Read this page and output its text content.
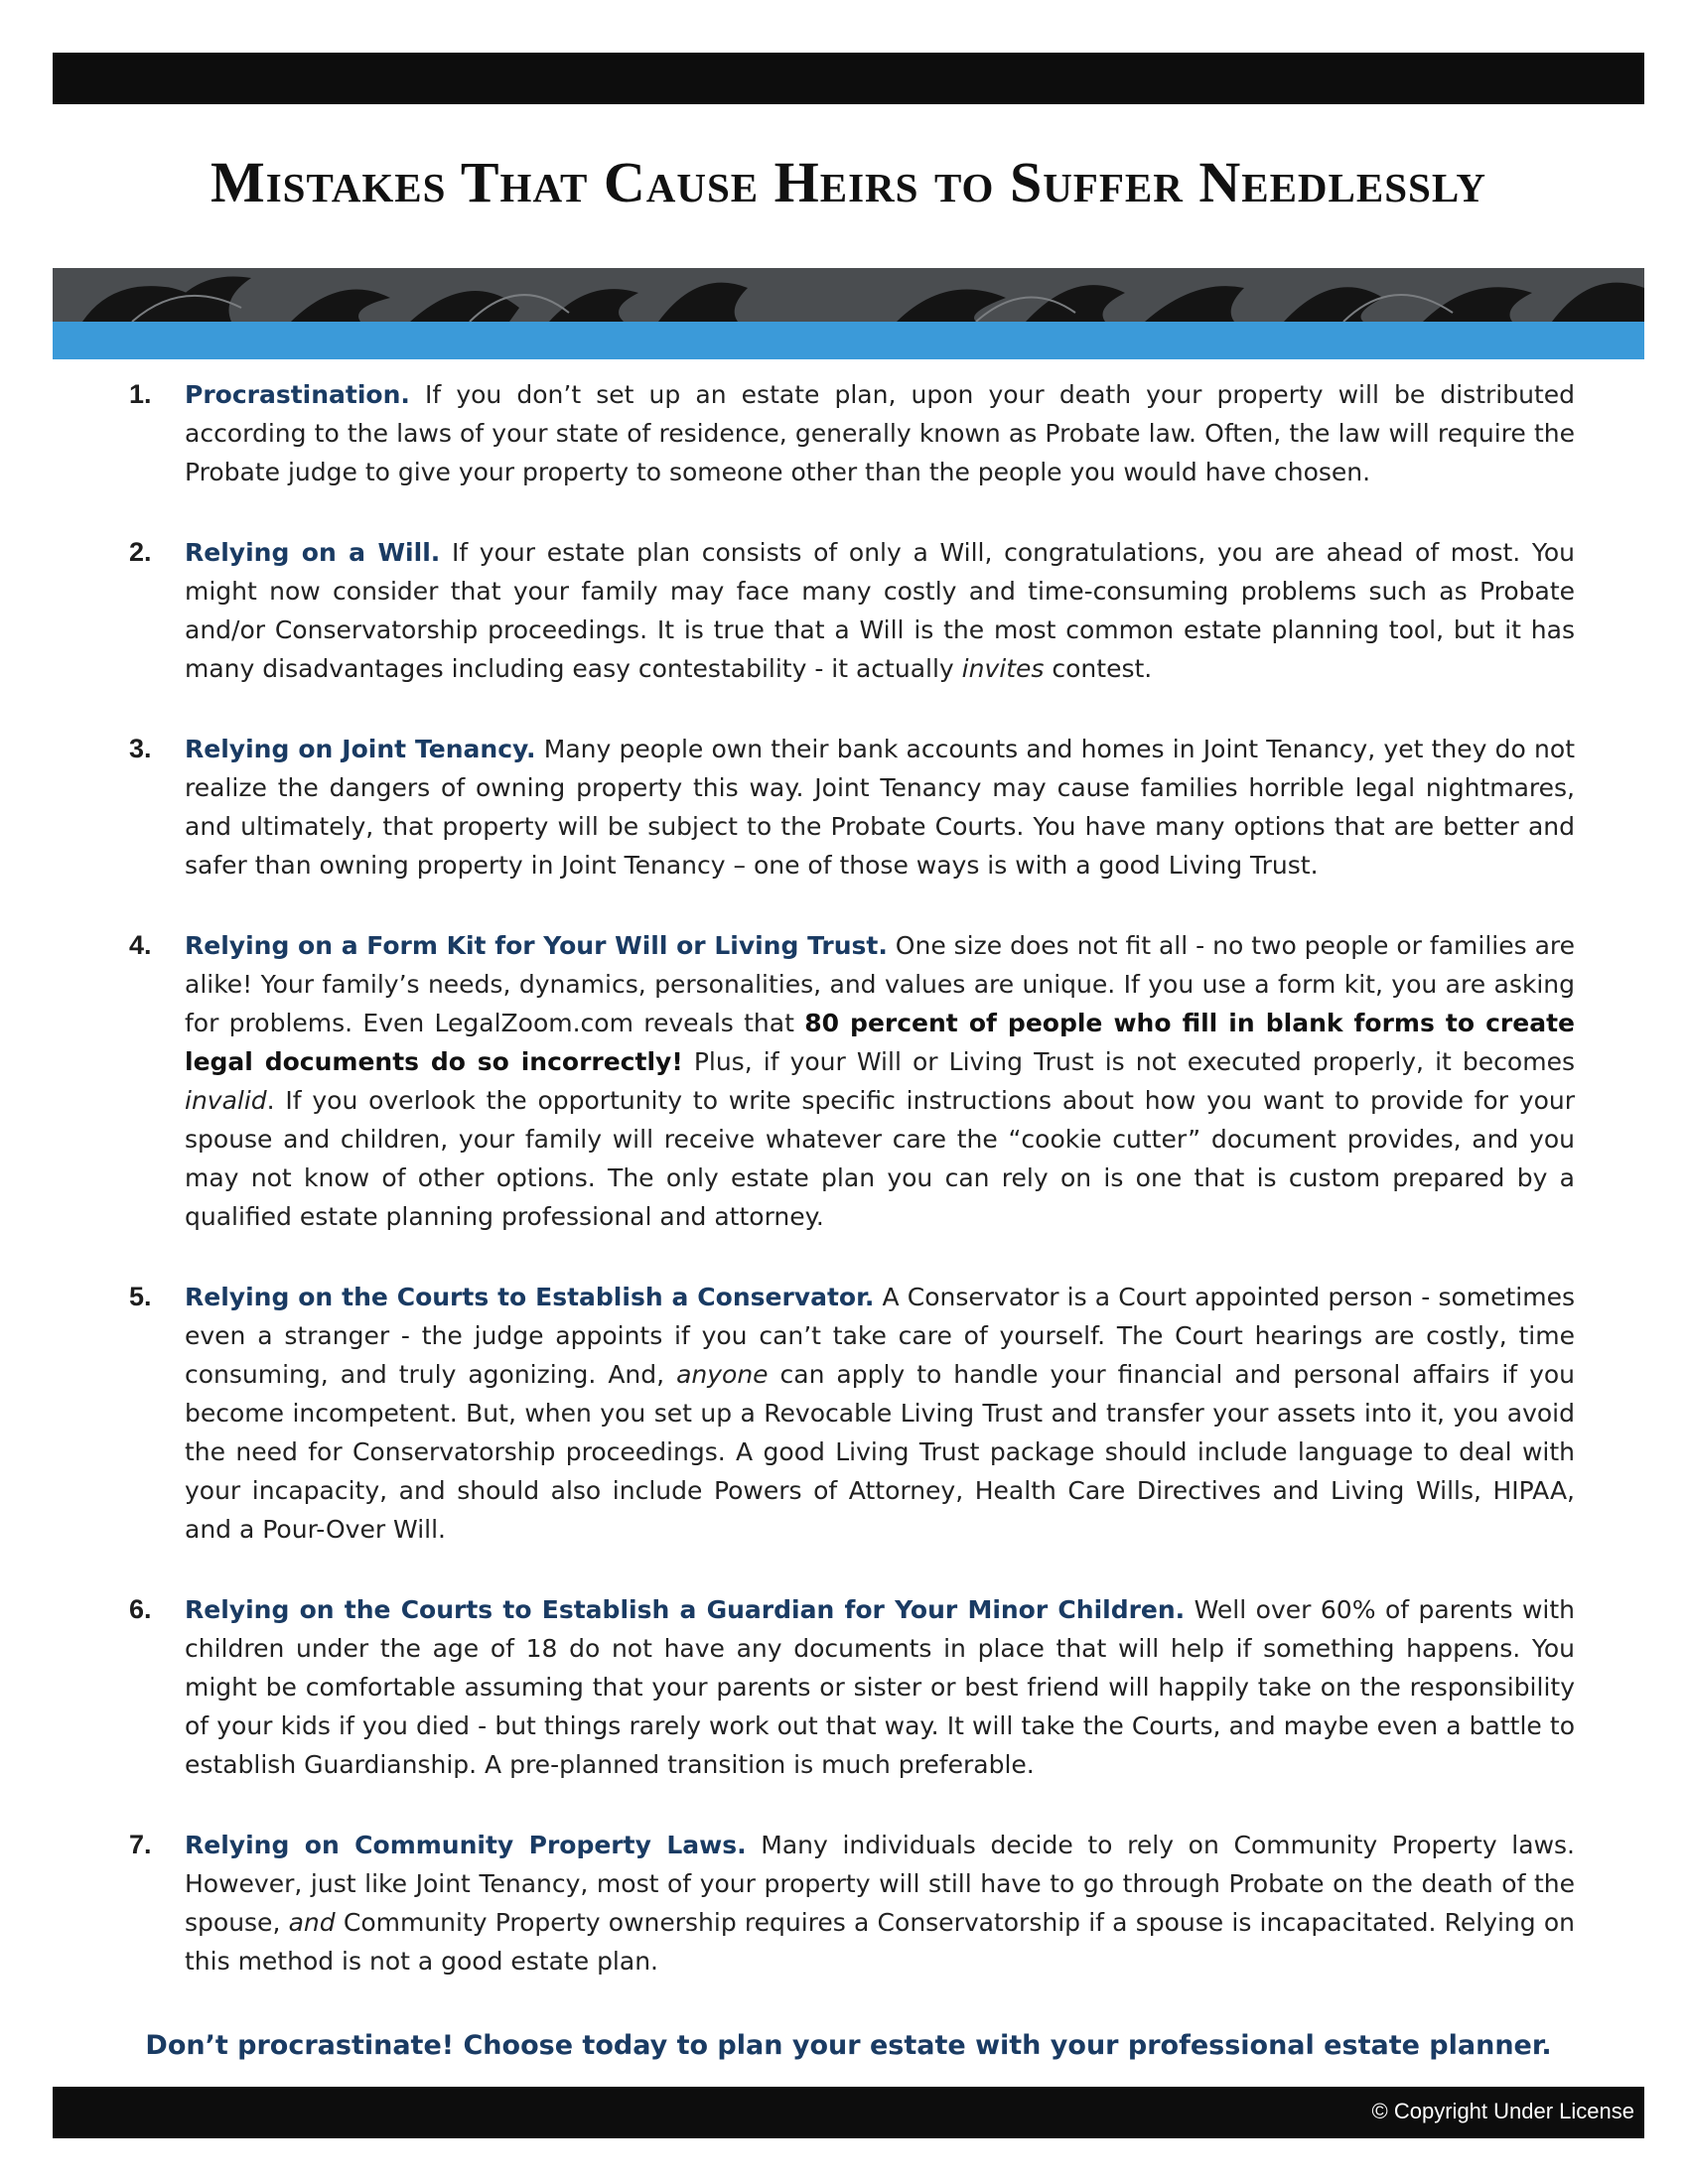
Mistakes That Cause Heirs to Suffer Needlessly
1. Procrastination. If you don’t set up an estate plan, upon your death your property will be distributed according to the laws of your state of residence, generally known as Probate law. Often, the law will require the Probate judge to give your property to someone other than the people you would have chosen.

2. Relying on a Will. If your estate plan consists of only a Will, congratulations, you are ahead of most. You might now consider that your family may face many costly and time-consuming problems such as Probate and/or Conservatorship proceedings. It is true that a Will is the most common estate planning tool, but it has many disadvantages including easy contestability - it actually invites contest.

3. Relying on Joint Tenancy. Many people own their bank accounts and homes in Joint Tenancy, yet they do not realize the dangers of owning property this way. Joint Tenancy may cause families horrible legal nightmares, and ultimately, that property will be subject to the Probate Courts. You have many options that are better and safer than owning property in Joint Tenancy – one of those ways is with a good Living Trust.

4. Relying on a Form Kit for Your Will or Living Trust. One size does not fit all - no two people or families are alike! Your family’s needs, dynamics, personalities, and values are unique. If you use a form kit, you are asking for problems. Even LegalZoom.com reveals that 80 percent of people who fill in blank forms to create legal documents do so incorrectly! Plus, if your Will or Living Trust is not executed properly, it becomes invalid. If you overlook the opportunity to write specific instructions about how you want to provide for your spouse and children, your family will receive whatever care the “cookie cutter” document provides, and you may not know of other options. The only estate plan you can rely on is one that is custom prepared by a qualified estate planning professional and attorney.

5. Relying on the Courts to Establish a Conservator. A Conservator is a Court appointed person - sometimes even a stranger - the judge appoints if you can’t take care of yourself. The Court hearings are costly, time consuming, and truly agonizing. And, anyone can apply to handle your financial and personal affairs if you become incompetent. But, when you set up a Revocable Living Trust and transfer your assets into it, you avoid the need for Conservatorship proceedings. A good Living Trust package should include language to deal with your incapacity, and should also include Powers of Attorney, Health Care Directives and Living Wills, HIPAA, and a Pour-Over Will.

6. Relying on the Courts to Establish a Guardian for Your Minor Children. Well over 60% of parents with children under the age of 18 do not have any documents in place that will help if something happens. You might be comfortable assuming that your parents or sister or best friend will happily take on the responsibility of your kids if you died - but things rarely work out that way. It will take the Courts, and maybe even a battle to establish Guardianship. A pre-planned transition is much preferable.

7. Relying on Community Property Laws. Many individuals decide to rely on Community Property laws. However, just like Joint Tenancy, most of your property will still have to go through Probate on the death of the spouse, and Community Property ownership requires a Conservatorship if a spouse is incapacitated. Relying on this method is not a good estate plan.

Don’t procrastinate! Choose today to plan your estate with your professional estate planner.
© Copyright Under License
